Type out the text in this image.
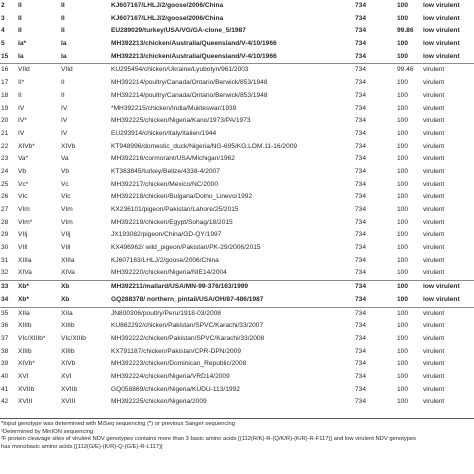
2	II	II	KJ607167/LHLJ/2/goose/2006/China	734	100	low virulent
3	II	II	KJ607167/LHLJ/2/goose/2006/China	734	100	low virulent
4	II	II	EU289029/turkey/USA/VG/GA-clone_5/1987	734	99.86	low virulent
5	Ia*	Ia	MH392213/chicken/Australia/Queensland/V-4/10/1966	734	100	low virulent
15	Ia	Ia	MH392213/chicken/Australia/Queensland/V-4/10/1966	734	100	low virulent
16	VIId	VIId	KU295454/chicken/Ukraine/Lyubotyn/961/2003	734	99.46	virulent
17	II*	II	MH392214/poultry/Canada/Ontario/Berwick/853/1948	734	100	virulent
18	II	II	MH392214/poultry/Canada/Ontario/Berwick/853/1948	734	100	virulent
19	IV	IV	*MH392215/chicken/India/Mukteswar/1939	734	100	virulent
20	IV*	IV	MH392225/chicken/Nigeria/Kano/1973/PA/1973	734	100	virulent
21	IV	IV	EU293914/chicken/Italy/Italien/1944	734	100	virulent
22	XIVb*	XIVb	KT948996/domestic_duck/Nigeria/NG-695/KG.LOM.11-16/2009	734	100	virulent
23	Va*	Va	MH392216/cormorant/USA/Michigan/1962	734	100	virulent
24	Vb	Vb	KT363845/turkey/Belize/4338-4/2007	734	100	virulent
25	Vc*	Vc	MH392217/chicken/Mexico/NC/2000	734	100	virulent
26	VIc	VIc	MH392218/chicken/Bulgaria/Dolno_Linevo/1992	734	100	virulent
27	VIm	VIm	KX236101/pigeon/Pakistan/Lahore/25/2015	734	100	virulent
28	VIm*	VIm	MH392219/chicken/Egypt/Sohag/18/2015	734	100	virulent
29	VIIj	VIIj	JX193082/pigeon/China/GD-QY/1997	734	100	virulent
30	VIIl	VIIl	KX496962/ wild_pigeon/Pakistan/PK-29/2006/2015	734	100	virulent
31	XIIIa	XIIIa	KJ607163/LHLJ/2/goose/2006/China	734	100	virulent
32	XIVa	XIVa	MH392220/chicken/Nigeria/NIE14/2004	734	100	virulent
33	Xb*	Xb	MH392211/mallard/USA/MN-99-376/163/1999	734	100	low virulent
34	Xb*	Xb	GQ288378/ northern_pintail/USA/OH/87-486/1987	734	100	low virulent
35	XIIa	XIIa	JN800306/poultry/Peru/1918-03/2008	734	100	virulent
36	XIIIb	XIIIb	KU862292/chicken/Pakistan/SPVC/Karachi/33/2007	734	100	virulent
37	VIc/XIIIb*	VIc/XIIIb	MH392222/chicken/Pakistan/SPVC/Karachi/33/2008	734	100	virulent
38	XIIIb	XIIIb	KX791187/chicken/Pakistan/CPR-DPN/2009	734	100	virulent
39	XIVb*	XIVb	MH392223/chicken/Dominican_Republic/2008	734	100	virulent
40	XVI	XVI	MH392224/chicken/Nigeria/VRD14/2009	734	100	virulent
41	XVIIb	XVIIb	GQ058869/chicken/Nigeria/KUDU-113/1992	734	100	virulent
42	XVIII	XVIII	MH392225/chicken/Nigeria/2009	734	100	virulent
*Input genotype was determined with MiSeq sequencing (*) or previous Sanger sequencing
¹Determined by MinION sequencing
²F protein cleavage sites of virulent NDV genotypes contains more than 3 basic amino acids [(112(R/K)-R-(Q/K/R)-(K/R)-R-F117)] and low virulent NDV genotypes
has monobasic amino acids [(112(G/E)-(K/R)-Q-(G/E)-R-L117)]
